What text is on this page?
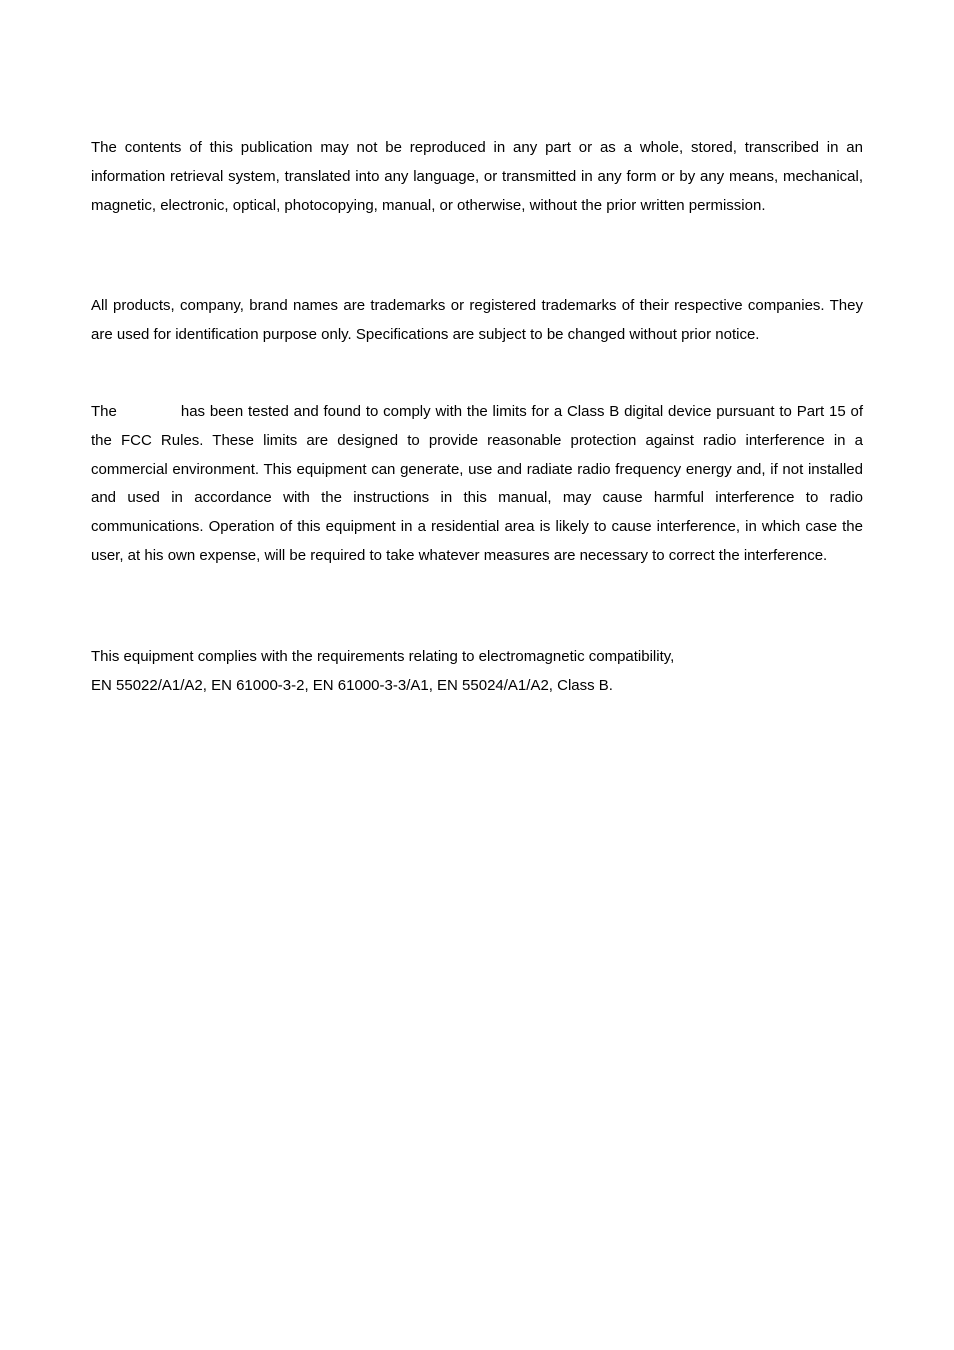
The contents of this publication may not be reproduced in any part or as a whole, stored, transcribed in an information retrieval system, translated into any language, or transmitted in any form or by any means, mechanical, magnetic, electronic, optical, photocopying, manual, or otherwise, without the prior written permission.

All products, company, brand names are trademarks or registered trademarks of their respective companies. They are used for identification purpose only. Specifications are subject to be changed without prior notice.

The	has been tested and found to comply with the limits for a Class B digital device pursuant to Part 15 of the FCC Rules. These limits are designed to provide reasonable protection against radio interference in a commercial environment. This equipment can generate, use and radiate radio frequency energy and, if not installed and used in accordance with the instructions in this manual, may cause harmful interference to radio communications. Operation of this equipment in a residential area is likely to cause interference, in which case the user, at his own expense, will be required to take whatever measures are necessary to correct the interference.

This equipment complies with the requirements relating to electromagnetic compatibility,
EN 55022/A1/A2, EN 61000-3-2, EN 61000-3-3/A1, EN 55024/A1/A2, Class B.
